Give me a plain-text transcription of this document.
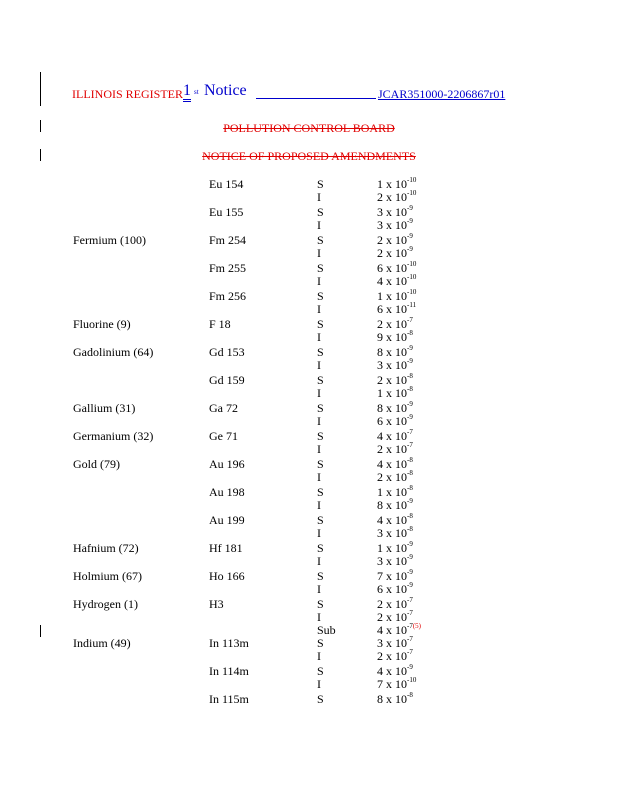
ILLINOIS REGISTER 1 st Notice	JCAR351000-2206867r01
POLLUTION CONTROL BOARD
NOTICE OF PROPOSED AMENDMENTS
Eu 154	S	1 x $10^{-10}$
I	2 x $10^{-10}$
Eu 155	S	3 x $10^{-9}$
I	3 x $10^{-9}$
Fermium (100)	Fm 254	S	2 x $10^{-9}$
I	2 x $10^{-9}$
Fm 255	S	6 x $10^{-10}$
I	4 x $10^{-10}$
Fm 256	S	1 x $10^{-10}$
I	6 x $10^{-11}$
Fluorine (9)	F 18	S	2 x $10^{-7}$
I	9 x $10^{-8}$
Gadolinium (64)	Gd 153	S	8 x $10^{-9}$
I	3 x $10^{-9}$
Gd 159	S	2 x $10^{-8}$
I	1 x $10^{-8}$
Gallium (31)	Ga 72	S	8 x $10^{-9}$
I	6 x $10^{-9}$
Germanium (32)	Ge 71	S	4 x $10^{-7}$
I	2 x $10^{-7}$
Gold (79)	Au 196	S	4 x $10^{-8}$
I	2 x $10^{-8}$
Au 198	S	1 x $10^{-8}$
I	8 x $10^{-9}$
Au 199	S	4 x $10^{-8}$
I	3 x $10^{-8}$
Hafnium (72)	Hf 181	S	1 x $10^{-9}$
I	3 x $10^{-9}$
Holmium (67)	Ho 166	S	7 x $10^{-9}$
I	6 x $10^{-9}$
Hydrogen (1)	H3	S	2 x $10^{-7}$
I	2 x $10^{-7}$
Sub	4 x 10$^{-7(5)}$
Indium (49)	In 113m	S	3 x $10^{-7}$
I	2 x $10^{-7}$
In 114m	S	4 x $10^{-9}$
I	7 x $10^{-10}$
In 115m	S	8 x $10^{-8}$
